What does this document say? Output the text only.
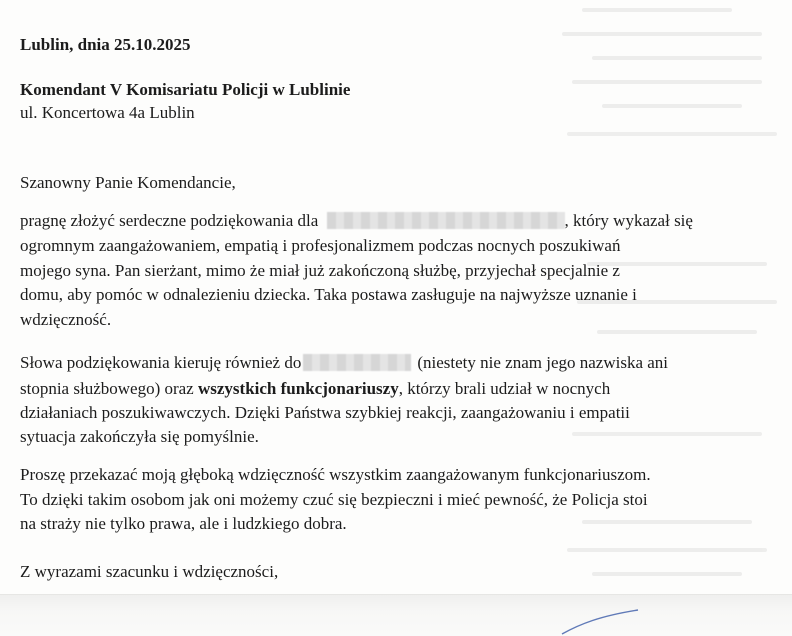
Lublin, dnia 25.10.2025
Komendant V Komisariatu Policji w Lublinie
ul. Koncertowa 4a Lublin
Szanowny Panie Komendancie,
pragnę złożyć serdeczne podziękowania dla	, który wykazał się
ogromnym zaangażowaniem, empatią i profesjonalizmem podczas nocnych poszukiwań
mojego syna. Pan sierżant, mimo że miał już zakończoną służbę, przyjechał specjalnie z
domu, aby pomóc w odnalezieniu dziecka. Taka postawa zasługuje na najwyższe uznanie i
wdzięczność.
Słowa podziękowania kieruję również do	(niestety nie znam jego nazwiska ani
stopnia służbowego) oraz wszystkich funkcjonariuszy, którzy brali udział w nocnych
działaniach poszukiwawczych. Dzięki Państwa szybkiej reakcji, zaangażowaniu i empatii
sytuacja zakończyła się pomyślnie.
Proszę przekazać moją głęboką wdzięczność wszystkim zaangażowanym funkcjonariuszom.
To dzięki takim osobom jak oni możemy czuć się bezpieczni i mieć pewność, że Policja stoi
na straży nie tylko prawa, ale i ludzkiego dobra.
Z wyrazami szacunku i wdzięczności,
